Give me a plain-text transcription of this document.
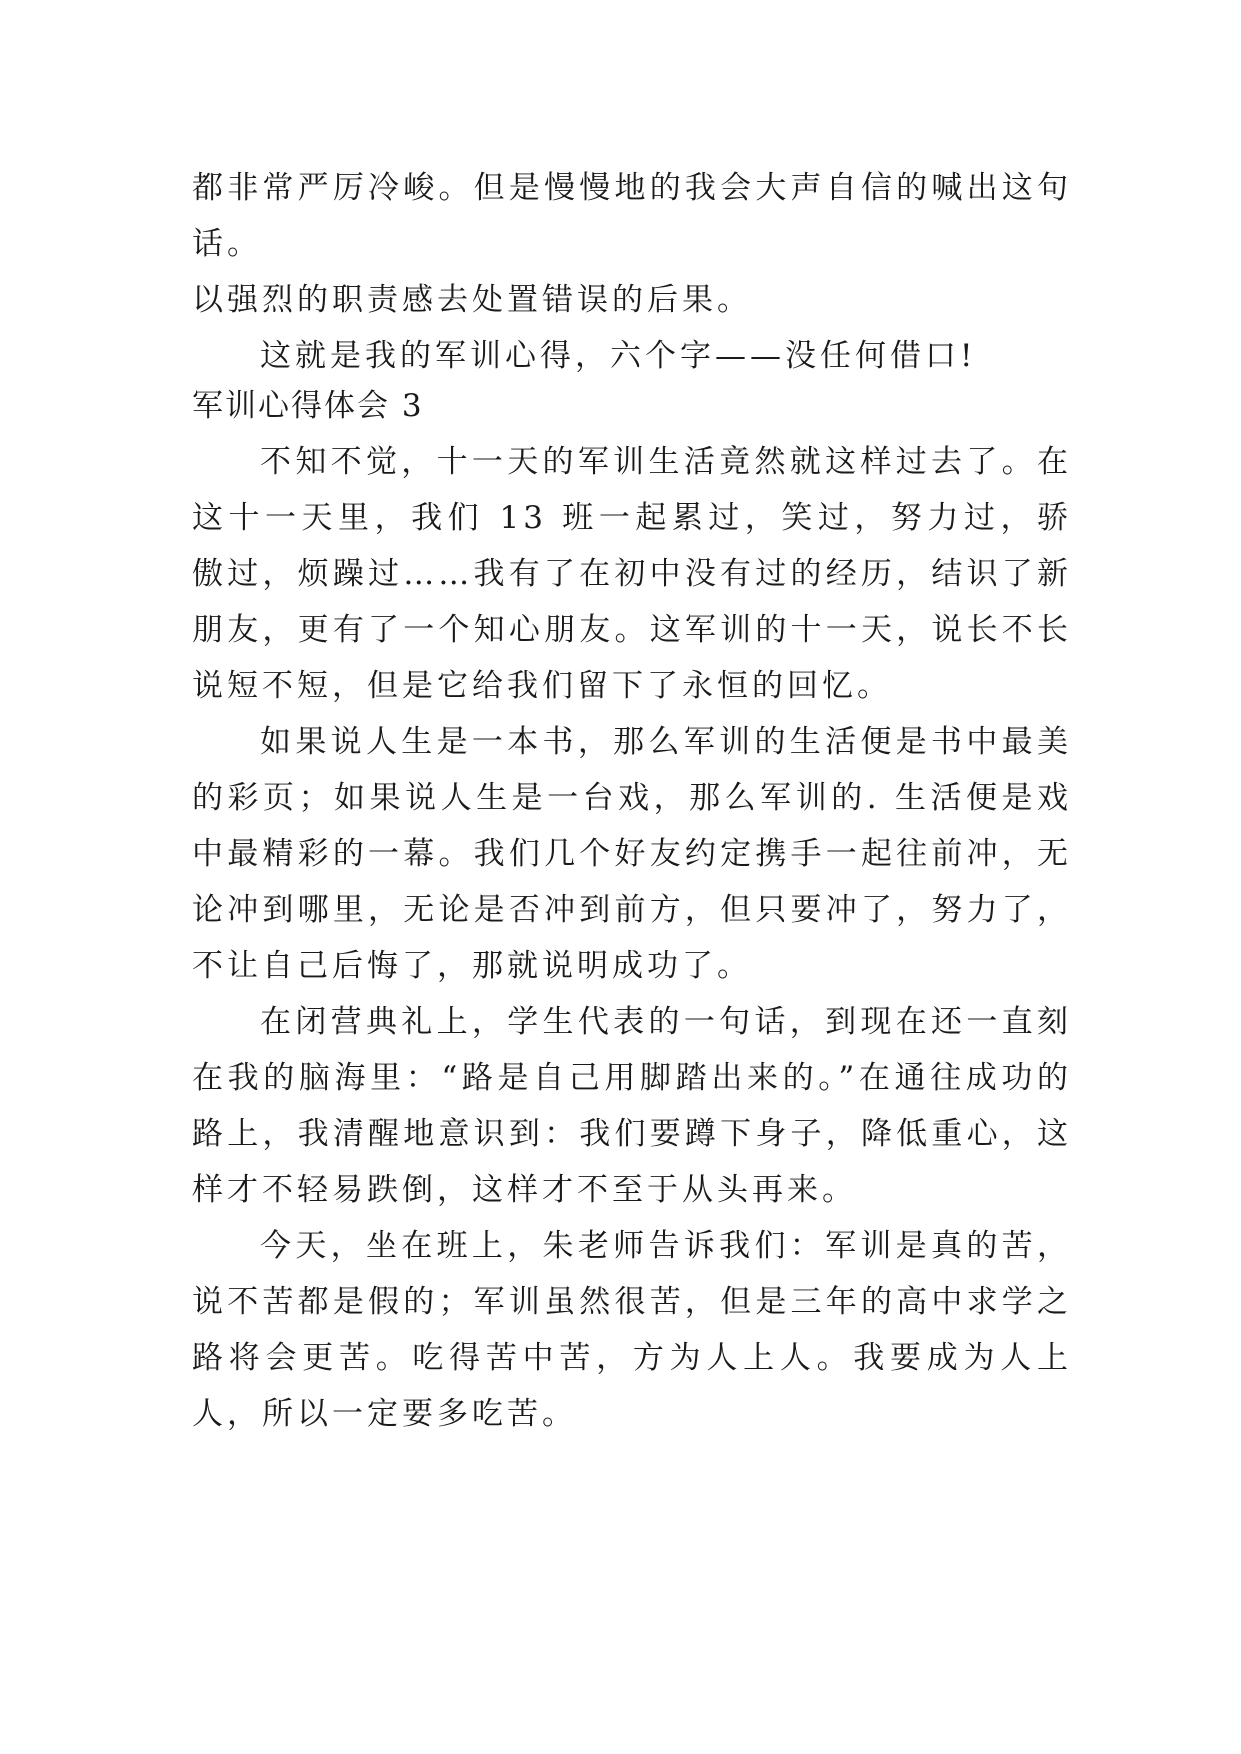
都非常严厉冷峻。但是慢慢地的我会大声自信的喊出这句话。

以强烈的职责感去处置错误的后果。

这就是我的军训心得，六个字——没任何借口!

军训心得体会 3

不知不觉，十一天的军训生活竟然就这样过去了。在这十一天里，我们 13 班一起累过，笑过，努力过，骄傲过，烦躁过……我有了在初中没有过的经历，结识了新朋友，更有了一个知心朋友。这军训的十一天，说长不长说短不短，但是它给我们留下了永恒的回忆。

如果说人生是一本书，那么军训的生活便是书中最美的彩页；如果说人生是一台戏，那么军训的. 生活便是戏中最精彩的一幕。我们几个好友约定携手一起往前冲，无论冲到哪里，无论是否冲到前方，但只要冲了，努力了，不让自己后悔了，那就说明成功了。

在闭营典礼上，学生代表的一句话，到现在还一直刻在我的脑海里：“路是自己用脚踏出来的。”在通往成功的路上，我清醒地意识到：我们要蹲下身子，降低重心，这样才不轻易跌倒，这样才不至于从头再来。

今天，坐在班上，朱老师告诉我们：军训是真的苦，说不苦都是假的；军训虽然很苦，但是三年的高中求学之路将会更苦。吃得苦中苦，方为人上人。我要成为人上人，所以一定要多吃苦。
